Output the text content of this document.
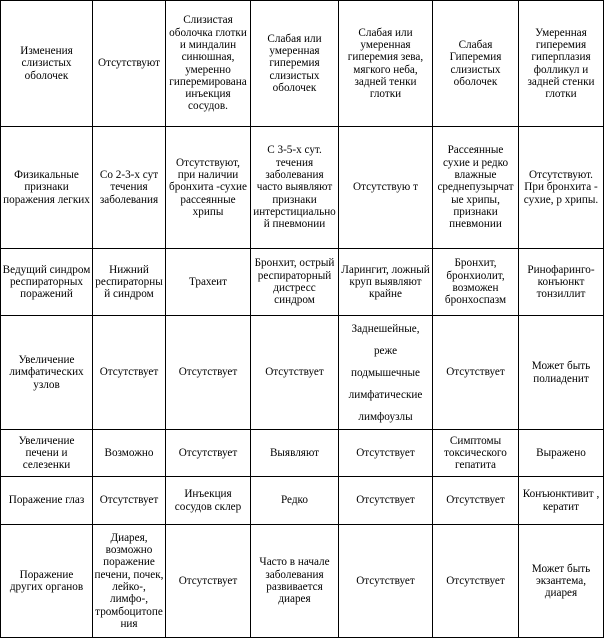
Изменения слизистых оболочек	Отсутствуют	Слизистая оболочка глотки и миндалин синюшная, умеренно гиперемирована инъекция сосудов.	Слабая или умеренная гиперемия слизистых оболочек	Слабая или умеренная гиперемия зева, мягкого неба, задней тенки глотки	Слабая Гиперемия слизистых оболочек	Умеренная гиперемия гиперплазия фолликул и задней стенки глотки
Физикальные признаки поражения легких	Со 2-3-х сут течения заболевания	Отсутствуют, при наличии бронхита -сухие рассеянные хрипы	С 3-5-х сут. течения заболевания часто выявляют признаки интерстициально й пневмонии	Отсутствую т	Рассеянные сухие и редко влажные среднепузырчатые хрипы, признаки пневмонии	Отсутствуют. При бронхита - сухие, р хрипы.
Ведущий синдром респираторных поражений	Нижний респираторный синдром	Трахеит	Бронхит, острый респираторный дистресс синдром	Ларингит, ложный круп выявляют крайне	Бронхит, бронхиолит, возможен бронхоспазм	Ринофаринго-конъюнкт тонзиллит
Увеличение лимфатических узлов	Отсутствует	Отсутствует	Отсутствует	Заднешейные, реже подмышечные лимфатические лимфоузлы	Отсутствует	Может быть полиаденит
Увеличение печени и селезенки	Возможно	Отсутствует	Выявляют	Отсутствует	Симптомы токсического гепатита	Выражено
Поражение глаз	Отсутствует	Инъекция сосудов склер	Редко	Отсутствует	Отсутствует	Конъюнктивит , кератит
Поражение других органов	Диарея, возможно поражение печени, почек, лейко-, лимфо-, тромбоцитопения	Отсутствует	Часто в начале заболевания развивается диарея	Отсутствует	Отсутствует	Может быть экзантема, диарея
